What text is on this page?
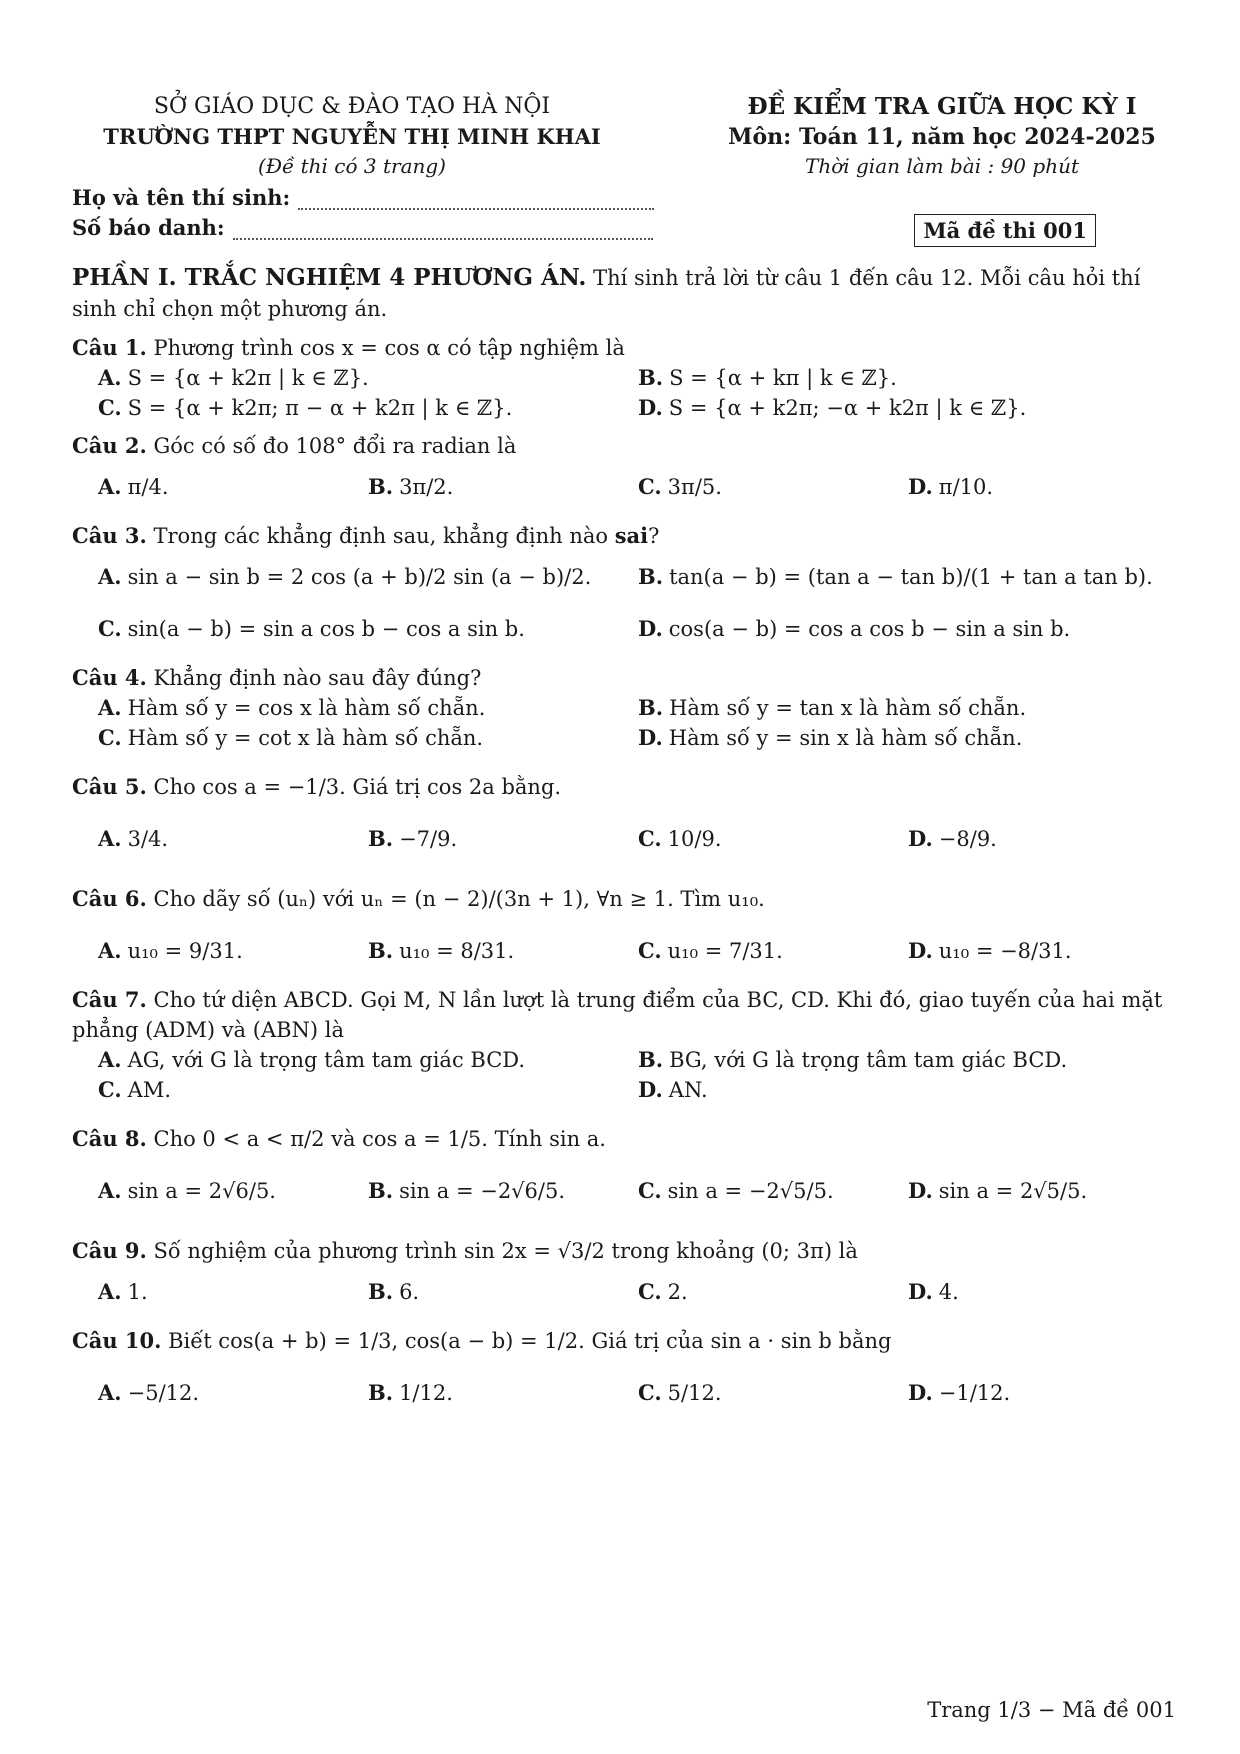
SỞ GIÁO DỤC & ĐÀO TẠO HÀ NỘI
TRƯỜNG THPT NGUYỄN THỊ MINH KHAI
(Đề thi có 3 trang)
ĐỀ KIỂM TRA GIỮA HỌC KỲ I
Môn: Toán 11, năm học 2024-2025
Thời gian làm bài : 90 phút
Họ và tên thí sinh:
Số báo danh:	Mã đề thi 001
PHẦN I. TRẮC NGHIỆM 4 PHƯƠNG ÁN. Thí sinh trả lời từ câu 1 đến câu 12. Mỗi câu hỏi thí sinh chỉ chọn một phương án.
Câu 1. Phương trình cos x = cos α có tập nghiệm là
A. S = {α + k2π | k ∈ ℤ}.	B. S = {α + kπ | k ∈ ℤ}.
C. S = {α + k2π; π − α + k2π | k ∈ ℤ}.	D. S = {α + k2π; −α + k2π | k ∈ ℤ}.
Câu 2. Góc có số đo 108° đổi ra radian là
A. π/4.	B. 3π/2.	C. 3π/5.	D. π/10.
Câu 3. Trong các khẳng định sau, khẳng định nào sai?
A. sin a − sin b = 2 cos (a + b)/2 sin (a − b)/2.	B. tan(a − b) = (tan a − tan b)/(1 + tan a tan b).
C. sin(a − b) = sin a cos b − cos a sin b.	D. cos(a − b) = cos a cos b − sin a sin b.
Câu 4. Khẳng định nào sau đây đúng?
A. Hàm số y = cos x là hàm số chẵn.	B. Hàm số y = tan x là hàm số chẵn.
C. Hàm số y = cot x là hàm số chẵn.	D. Hàm số y = sin x là hàm số chẵn.
Câu 5. Cho cos a = −1/3. Giá trị cos 2a bằng.
A. 3/4.	B. −7/9.	C. 10/9.	D. −8/9.
Câu 6. Cho dãy số (uₙ) với uₙ = (n − 2)/(3n + 1), ∀n ≥ 1. Tìm u₁₀.
A. u₁₀ = 9/31.	B. u₁₀ = 8/31.	C. u₁₀ = 7/31.	D. u₁₀ = −8/31.
Câu 7. Cho tứ diện ABCD. Gọi M, N lần lượt là trung điểm của BC, CD. Khi đó, giao tuyến của hai mặt phẳng (ADM) và (ABN) là
A. AG, với G là trọng tâm tam giác BCD.	B. BG, với G là trọng tâm tam giác BCD.
C. AM.	D. AN.
Câu 8. Cho 0 < a < π/2 và cos a = 1/5. Tính sin a.
A. sin a = 2√6/5.	B. sin a = −2√6/5.	C. sin a = −2√5/5.	D. sin a = 2√5/5.
Câu 9. Số nghiệm của phương trình sin 2x = √3/2 trong khoảng (0; 3π) là
A. 1.	B. 6.	C. 2.	D. 4.
Câu 10. Biết cos(a + b) = 1/3, cos(a − b) = 1/2. Giá trị của sin a · sin b bằng
A. −5/12.	B. 1/12.	C. 5/12.	D. −1/12.
Trang 1/3 − Mã đề 001
